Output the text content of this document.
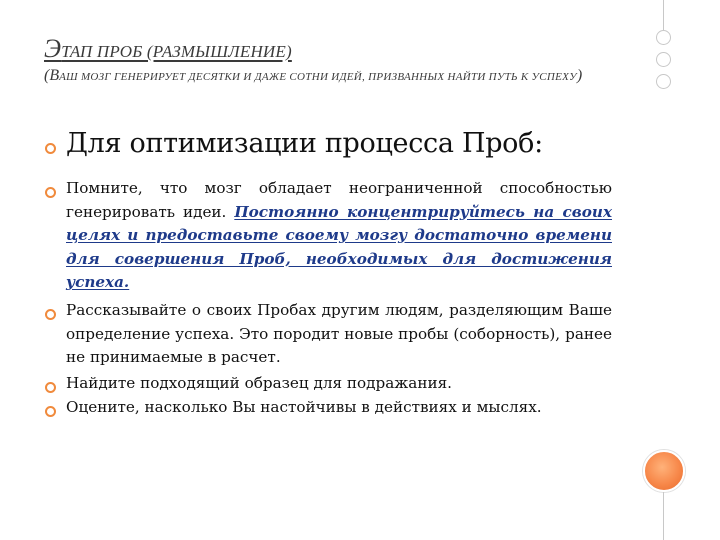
ЭТАП ПРОБ (РАЗМЫШЛЕНИЕ)
(ВАШ МОЗГ ГЕНЕРИРУЕТ ДЕСЯТКИ И ДАЖЕ СОТНИ ИДЕЙ, ПРИЗВАННЫХ НАЙТИ ПУТЬ К УСПЕХУ)
Для оптимизации процесса Проб:
Помните, что мозг обладает неограниченной способностью генерировать идеи. Постоянно концентрируйтесь на своих целях и предоставьте своему мозгу достаточно времени для совершения Проб, необходимых для достижения успеха.
Рассказывайте о своих Пробах другим людям, разделяющим Ваше определение успеха. Это породит новые пробы (соборность), ранее не принимаемые в расчет.
Найдите подходящий образец для подражания.
Оцените, насколько Вы настойчивы в действиях и мыслях.
